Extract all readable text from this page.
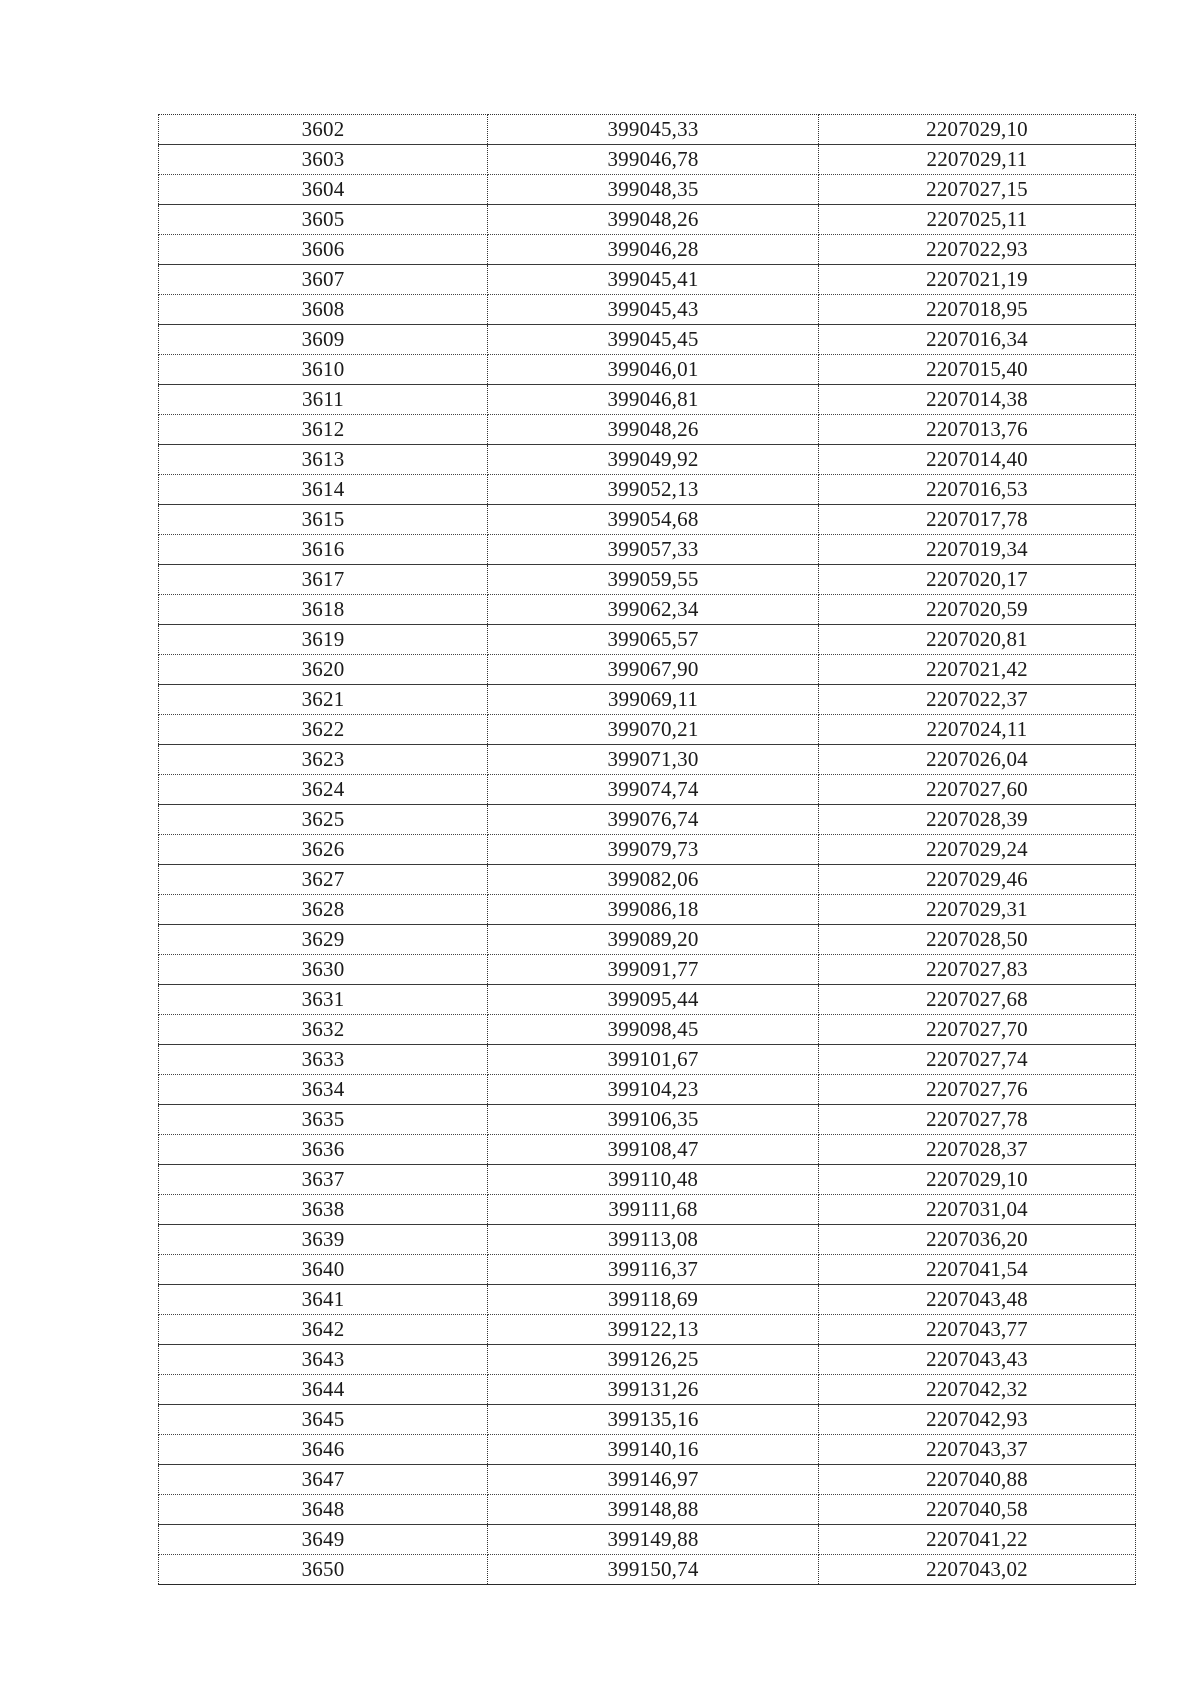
3602	399045,33	2207029,10
3603	399046,78	2207029,11
3604	399048,35	2207027,15
3605	399048,26	2207025,11
3606	399046,28	2207022,93
3607	399045,41	2207021,19
3608	399045,43	2207018,95
3609	399045,45	2207016,34
3610	399046,01	2207015,40
3611	399046,81	2207014,38
3612	399048,26	2207013,76
3613	399049,92	2207014,40
3614	399052,13	2207016,53
3615	399054,68	2207017,78
3616	399057,33	2207019,34
3617	399059,55	2207020,17
3618	399062,34	2207020,59
3619	399065,57	2207020,81
3620	399067,90	2207021,42
3621	399069,11	2207022,37
3622	399070,21	2207024,11
3623	399071,30	2207026,04
3624	399074,74	2207027,60
3625	399076,74	2207028,39
3626	399079,73	2207029,24
3627	399082,06	2207029,46
3628	399086,18	2207029,31
3629	399089,20	2207028,50
3630	399091,77	2207027,83
3631	399095,44	2207027,68
3632	399098,45	2207027,70
3633	399101,67	2207027,74
3634	399104,23	2207027,76
3635	399106,35	2207027,78
3636	399108,47	2207028,37
3637	399110,48	2207029,10
3638	399111,68	2207031,04
3639	399113,08	2207036,20
3640	399116,37	2207041,54
3641	399118,69	2207043,48
3642	399122,13	2207043,77
3643	399126,25	2207043,43
3644	399131,26	2207042,32
3645	399135,16	2207042,93
3646	399140,16	2207043,37
3647	399146,97	2207040,88
3648	399148,88	2207040,58
3649	399149,88	2207041,22
3650	399150,74	2207043,02
